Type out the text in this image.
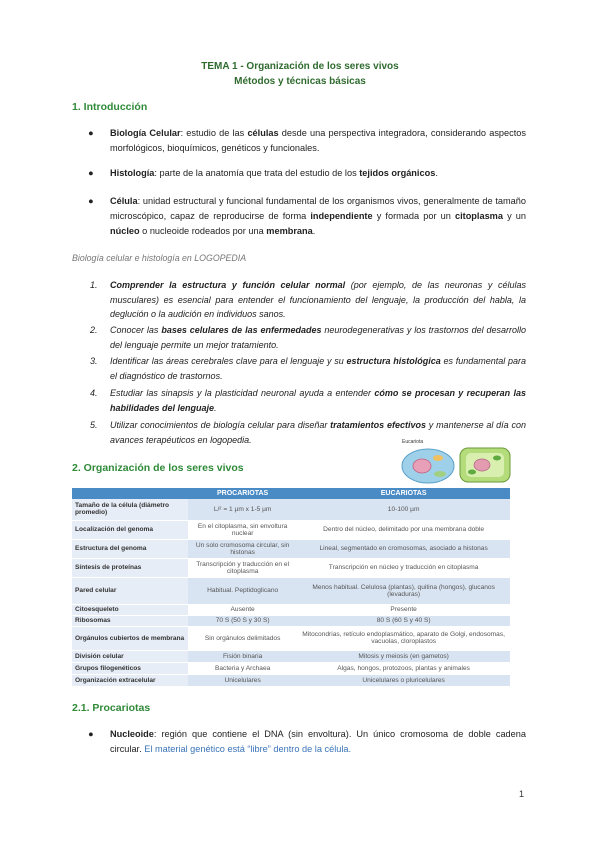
TEMA 1 - Organización de los seres vivos
Métodos y técnicas básicas
1. Introducción
● Biología Celular: estudio de las células desde una perspectiva integradora, considerando aspectos morfológicos, bioquímicos, genéticos y funcionales.
● Histología: parte de la anatomía que trata del estudio de los tejidos orgánicos.
● Célula: unidad estructural y funcional fundamental de los organismos vivos, generalmente de tamaño microscópico, capaz de reproducirse de forma independiente y formada por un citoplasma y un núcleo o nucleoide rodeados por una membrana.
Biología celular e histología en LOGOPEDIA
1. Comprender la estructura y función celular normal (por ejemplo, de las neuronas y células musculares) es esencial para entender el funcionamiento del lenguaje, la producción del habla, la deglución o la audición en individuos sanos.
2. Conocer las bases celulares de las enfermedades neurodegenerativas y los trastornos del desarrollo del lenguaje permite un mejor tratamiento.
3. Identificar las áreas cerebrales clave para el lenguaje y su estructura histológica es fundamental para el diagnóstico de trastornos.
4. Estudiar las sinapsis y la plasticidad neuronal ayuda a entender cómo se procesan y recuperan las habilidades del lenguaje.
5. Utilizar conocimientos de biología celular para diseñar tratamientos efectivos y mantenerse al día con avances terapéuticos en logopedia.
2. Organización de los seres vivos
Eucariota
	PROCARIOTAS	EUCARIOTAS
Tamaño de la célula (diámetro promedio)	L/² = 1 µm x 1-5 µm	10-100 µm
Localización del genoma	En el citoplasma, sin envoltura nuclear	Dentro del núcleo, delimitado por una membrana doble
Estructura del genoma	Un solo cromosoma circular, sin histonas	Lineal, segmentado en cromosomas, asociado a histonas
Síntesis de proteínas	Transcripción y traducción en el citoplasma	Transcripción en núcleo y traducción en citoplasma
Pared celular	Habitual. Peptidoglicano	Menos habitual. Celulosa (plantas), quitina (hongos), glucanos (levaduras)
Citoesqueleto	Ausente	Presente
Ribosomas	70 S (50 S y 30 S)	80 S (60 S y 40 S)
Orgánulos cubiertos de membrana	Sin orgánulos delimitados	Mitocondrias, retículo endoplasmático, aparato de Golgi, endosomas, vacuolas, cloroplastos
División celular	Fisión binaria	Mitosis y meiosis (en gametos)
Grupos filogenéticos	Bacteria y Archaea	Algas, hongos, protozoos, plantas y animales
Organización extracelular	Unicelulares	Unicelulares o pluricelulares
2.1. Procariotas
● Nucleoide: región que contiene el DNA (sin envoltura). Un único cromosoma de doble cadena circular. El material genético está “libre” dentro de la célula.
1
